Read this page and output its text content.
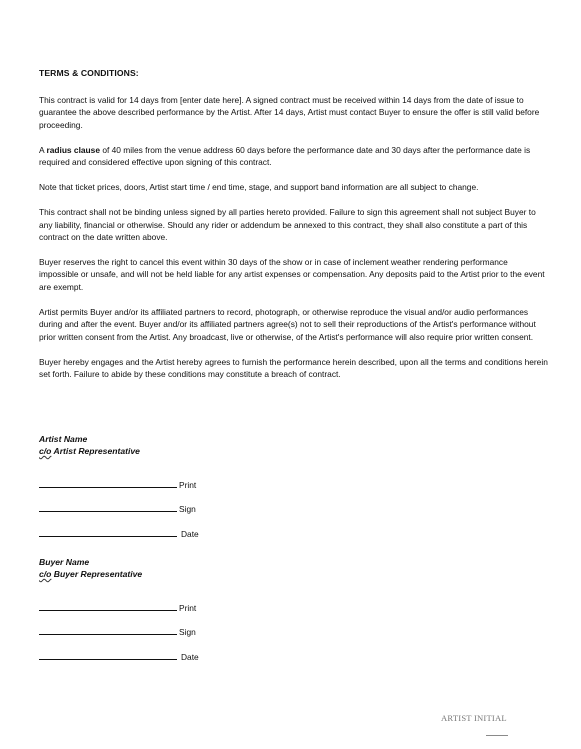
TERMS & CONDITIONS:

This contract is valid for 14 days from [enter date here]. A signed contract must be received within 14 days from the date of issue to guarantee the above described performance by the Artist. After 14 days, Artist must contact Buyer to ensure the offer is still valid before proceeding.

A radius clause of 40 miles from the venue address 60 days before the performance date and 30 days after the performance date is required and considered effective upon signing of this contract.

Note that ticket prices, doors, Artist start time / end time, stage, and support band information are all subject to change.

This contract shall not be binding unless signed by all parties hereto provided. Failure to sign this agreement shall not subject Buyer to any liability, financial or otherwise. Should any rider or addendum be annexed to this contract, they shall also constitute a part of this contract on the date written above.

Buyer reserves the right to cancel this event within 30 days of the show or in case of inclement weather rendering performance impossible or unsafe, and will not be held liable for any artist expenses or compensation. Any deposits paid to the Artist prior to the event are exempt.

Artist permits Buyer and/or its affiliated partners to record, photograph, or otherwise reproduce the visual and/or audio performances during and after the event. Buyer and/or its affiliated partners agree(s) not to sell their reproductions of the Artist's performance without prior written consent from the Artist. Any broadcast, live or otherwise, of the Artist's performance will also require prior written consent.

Buyer hereby engages and the Artist hereby agrees to furnish the performance herein described, upon all the terms and conditions herein set forth. Failure to abide by these conditions may constitute a breach of contract.

Artist Name

c/o Artist Representative

Print
Sign
Date

Buyer Name

c/o Buyer Representative

Print
Sign
Date
ARTIST INITIAL
